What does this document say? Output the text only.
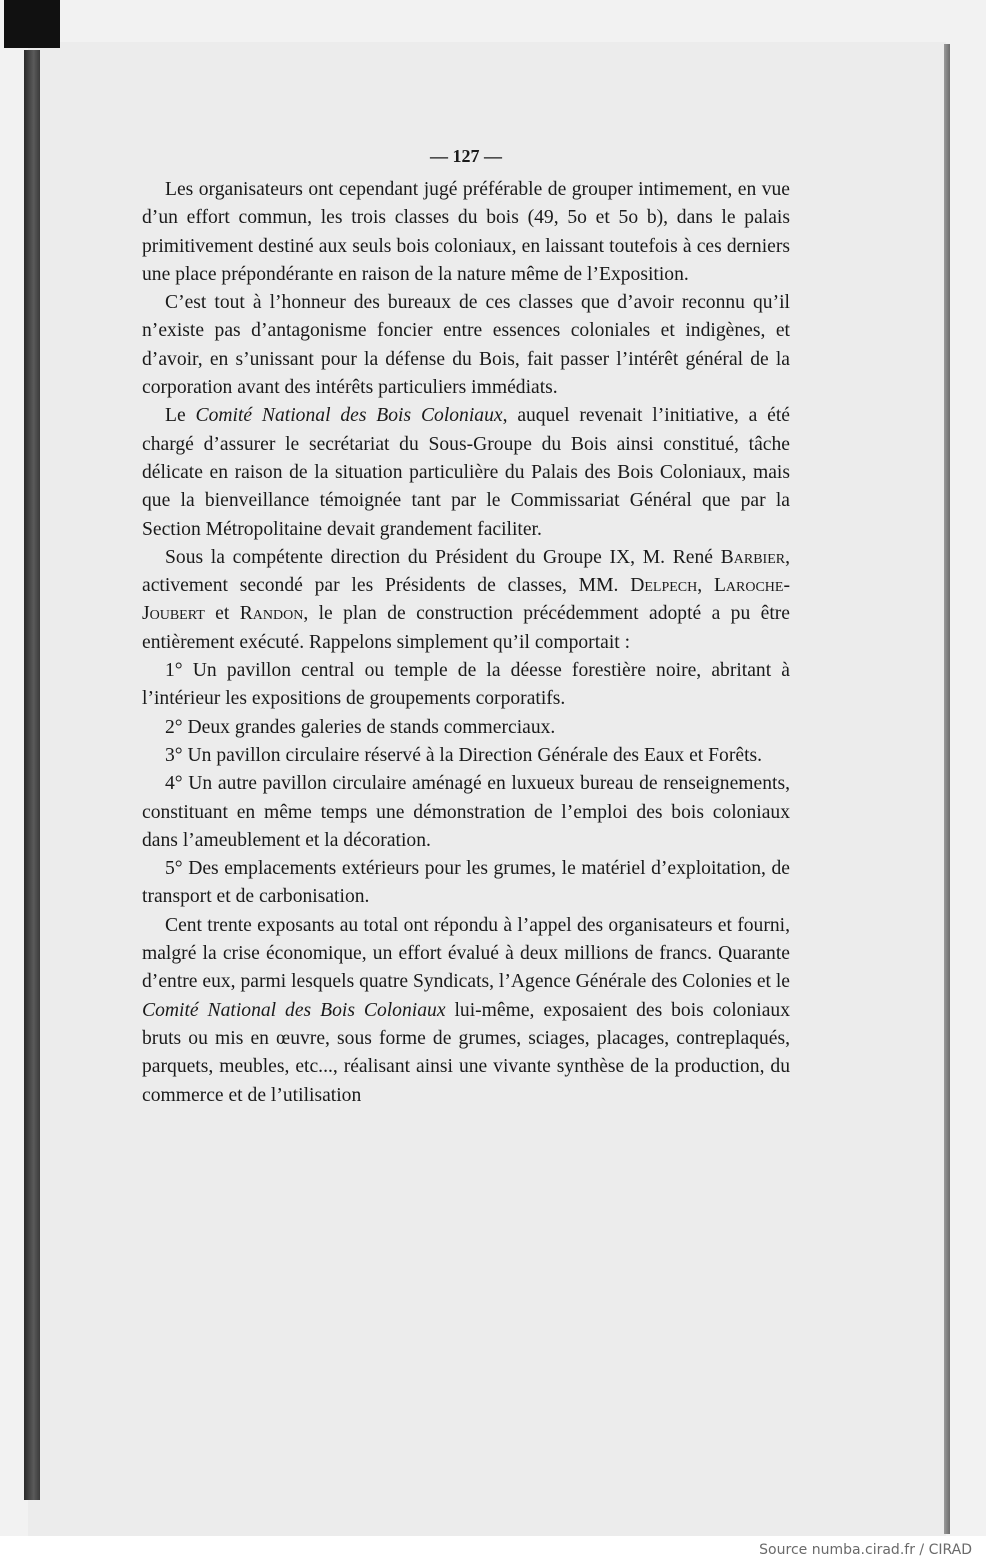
— 127 —

Les organisateurs ont cependant jugé préférable de grouper intimement, en vue d’un effort commun, les trois classes du bois (49, 5o et 5o b), dans le palais primitivement destiné aux seuls bois coloniaux, en laissant toutefois à ces derniers une place prépondérante en raison de la nature même de l’Exposition.

C’est tout à l’honneur des bureaux de ces classes que d’avoir reconnu qu’il n’existe pas d’antagonisme foncier entre essences coloniales et indigènes, et d’avoir, en s’unissant pour la défense du Bois, fait passer l’intérêt général de la corporation avant des intérêts particuliers immédiats.

Le Comité National des Bois Coloniaux, auquel revenait l’initiative, a été chargé d’assurer le secrétariat du Sous-Groupe du Bois ainsi constitué, tâche délicate en raison de la situation particulière du Palais des Bois Coloniaux, mais que la bienveillance témoignée tant par le Commissariat Général que par la Section Métropolitaine devait grandement faciliter.

Sous la compétente direction du Président du Groupe IX, M. René Barbier, activement secondé par les Présidents de classes, MM. Delpech, Laroche-Joubert et Randon, le plan de construction précédemment adopté a pu être entièrement exécuté. Rappelons simplement qu’il comportait :

1° Un pavillon central ou temple de la déesse forestière noire, abritant à l’intérieur les expositions de groupements corporatifs.

2° Deux grandes galeries de stands commerciaux.

3° Un pavillon circulaire réservé à la Direction Générale des Eaux et Forêts.

4° Un autre pavillon circulaire aménagé en luxueux bureau de renseignements, constituant en même temps une démonstration de l’emploi des bois coloniaux dans l’ameublement et la décoration.

5° Des emplacements extérieurs pour les grumes, le matériel d’exploitation, de transport et de carbonisation.

Cent trente exposants au total ont répondu à l’appel des organisateurs et fourni, malgré la crise économique, un effort évalué à deux millions de francs. Quarante d’entre eux, parmi lesquels quatre Syndicats, l’Agence Générale des Colonies et le Comité National des Bois Coloniaux lui-même, exposaient des bois coloniaux bruts ou mis en œuvre, sous forme de grumes, sciages, placages, contreplaqués, parquets, meubles, etc..., réalisant ainsi une vivante synthèse de la production, du commerce et de l’utilisation

Source numba.cirad.fr / CIRAD
